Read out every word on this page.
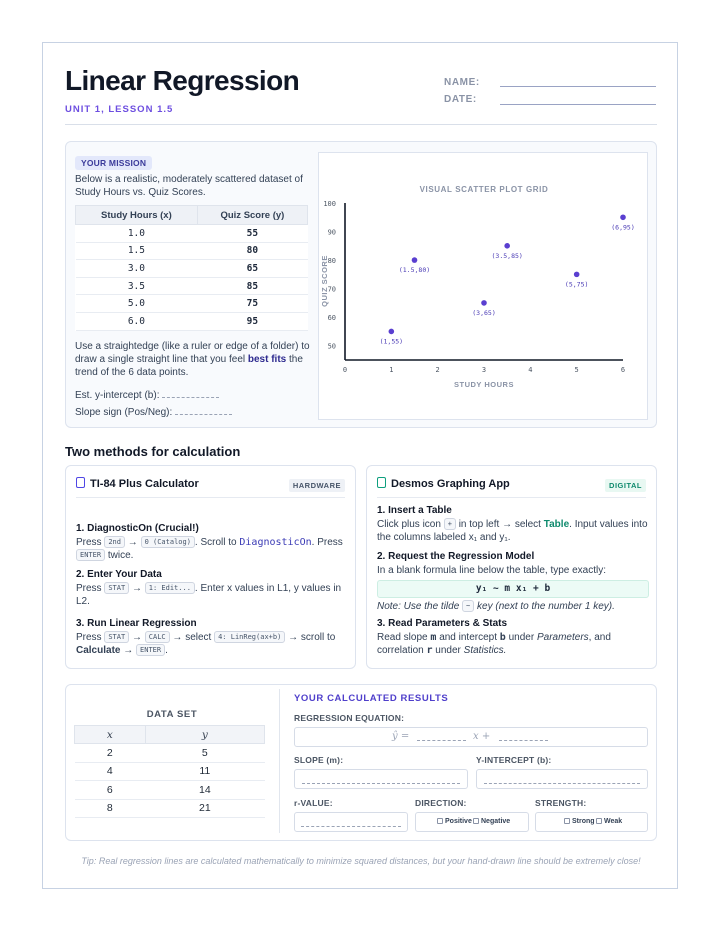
Linear Regression
UNIT 1, LESSON 1.5
NAME:
DATE:
YOUR MISSION
Below is a realistic, moderately scattered dataset of Study Hours vs. Quiz Scores.
Study Hours (x)	Quiz Score (y)
1.0	55
1.5	80
3.0	65
3.5	85
5.0	75
6.0	95
Use a straightedge (like a ruler or edge of a folder) to draw a single straight line that you feel best fits the trend of the 6 data points.
Est. y-intercept (b):
Slope sign (Pos/Neg):
VISUAL SCATTER PLOT GRID
50
60
70
80
90
100
0	1	2	3	4	5	6
STUDY HOURS
QUIZ SCORE
(1,55)
(1.5,80)
(3,65)
(3.5,85)
(5,75)
(6,95)
Two methods for calculation
TI-84 Plus Calculator	HARDWARE
1. DiagnosticOn (Crucial!)
Press 2nd → 0 (Catalog) . Scroll to DiagnosticOn. Press ENTER twice.
2. Enter Your Data
Press STAT → 1: Edit... . Enter x values in L1, y values in L2.
3. Run Linear Regression
Press STAT → CALC → select 4: LinReg(ax+b) → scroll to Calculate → ENTER .
Desmos Graphing App	DIGITAL
1. Insert a Table
Click plus icon + in top left → select Table. Input values into the columns labeled x₁ and y₁.
2. Request the Regression Model
In a blank formula line below the table, type exactly:
y₁ ~ m x₁ + b
Note: Use the tilde ~ key (next to the number 1 key).
3. Read Parameters & Stats
Read slope m and intercept b under Parameters, and correlation r under Statistics.
DATA SET
x	y
2	5
4	11
6	14
8	21
YOUR CALCULATED RESULTS
REGRESSION EQUATION:
ŷ =	x +
SLOPE (m):	Y-INTERCEPT (b):
r-VALUE:	DIRECTION:
Positive	Negative
STRENGTH:
Strong	Weak
Tip: Real regression lines are calculated mathematically to minimize squared distances, but your hand-drawn line should be extremely close!
